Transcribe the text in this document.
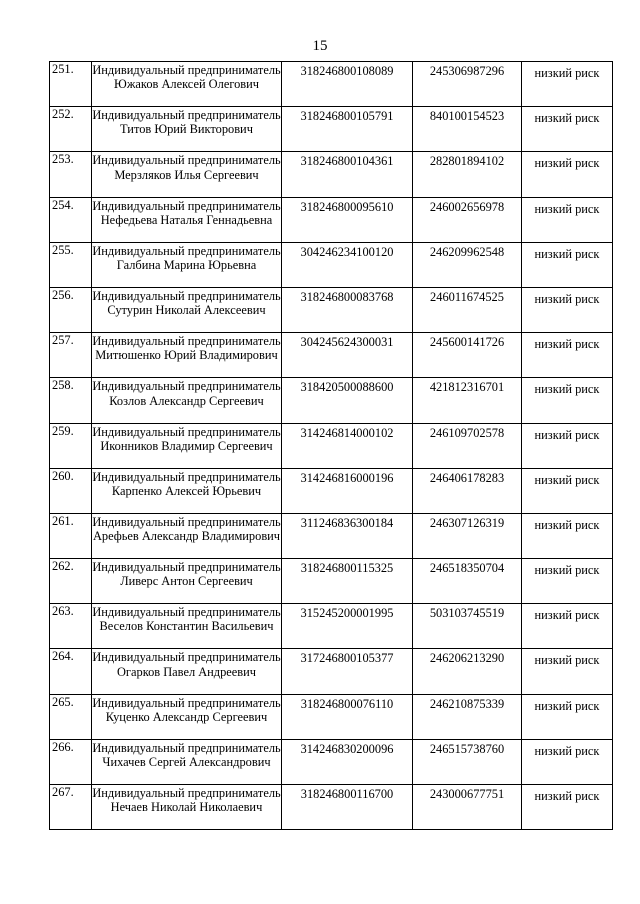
15
251.	Индивидуальный предприниматель Южаков Алексей Олегович	318246800108089	245306987296	низкий риск
252.	Индивидуальный предприниматель Титов Юрий Викторович	318246800105791	840100154523	низкий риск
253.	Индивидуальный предприниматель Мерзляков Илья Сергеевич	318246800104361	282801894102	низкий риск
254.	Индивидуальный предприниматель Нефедьева Наталья Геннадьевна	318246800095610	246002656978	низкий риск
255.	Индивидуальный предприниматель Галбина Марина Юрьевна	304246234100120	246209962548	низкий риск
256.	Индивидуальный предприниматель Сутурин Николай Алексеевич	318246800083768	246011674525	низкий риск
257.	Индивидуальный предприниматель Митюшенко Юрий Владимирович	304245624300031	245600141726	низкий риск
258.	Индивидуальный предприниматель Козлов Александр Сергеевич	318420500088600	421812316701	низкий риск
259.	Индивидуальный предприниматель Иконников Владимир Сергеевич	314246814000102	246109702578	низкий риск
260.	Индивидуальный предприниматель Карпенко Алексей Юрьевич	314246816000196	246406178283	низкий риск
261.	Индивидуальный предприниматель Арефьев Александр Владимирович	311246836300184	246307126319	низкий риск
262.	Индивидуальный предприниматель Ливерс Антон Сергеевич	318246800115325	246518350704	низкий риск
263.	Индивидуальный предприниматель Веселов Константин Васильевич	315245200001995	503103745519	низкий риск
264.	Индивидуальный предприниматель Огарков Павел Андреевич	317246800105377	246206213290	низкий риск
265.	Индивидуальный предприниматель Куценко Александр Сергеевич	318246800076110	246210875339	низкий риск
266.	Индивидуальный предприниматель Чихачев Сергей Александрович	314246830200096	246515738760	низкий риск
267.	Индивидуальный предприниматель Нечаев Николай Николаевич	318246800116700	243000677751	низкий риск
